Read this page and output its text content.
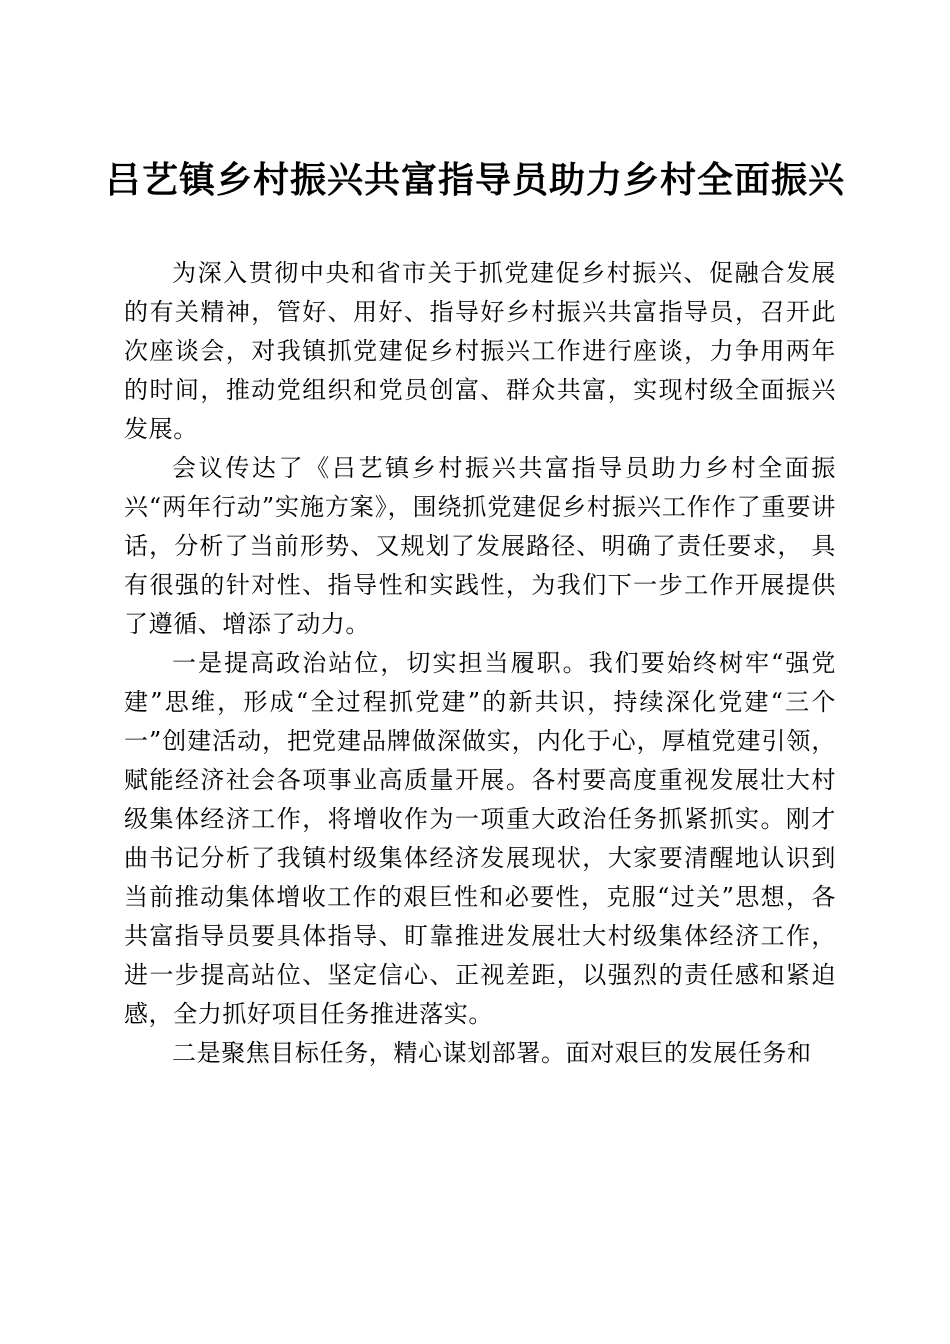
吕艺镇乡村振兴共富指导员助力乡村全面振兴

为深入贯彻中央和省市关于抓党建促乡村振兴、促融合发展的有关精神，管好、用好、指导好乡村振兴共富指导员，召开此次座谈会，对我镇抓党建促乡村振兴工作进行座谈，力争用两年的时间，推动党组织和党员创富、群众共富，实现村级全面振兴发展。

会议传达了《吕艺镇乡村振兴共富指导员助力乡村全面振兴“两年行动”实施方案》，围绕抓党建促乡村振兴工作作了重要讲话，分析了当前形势、又规划了发展路径、明确了责任要求， 具有很强的针对性、指导性和实践性，为我们下一步工作开展提供了遵循、增添了动力。

一是提高政治站位，切实担当履职。我们要始终树牢“强党建”思维，形成“全过程抓党建”的新共识，持续深化党建“三个一”创建活动，把党建品牌做深做实，内化于心，厚植党建引领，赋能经济社会各项事业高质量开展。各村要高度重视发展壮大村级集体经济工作，将增收作为一项重大政治任务抓紧抓实。刚才曲书记分析了我镇村级集体经济发展现状，大家要清醒地认识到当前推动集体增收工作的艰巨性和必要性，克服“过关”思想，各共富指导员要具体指导、盯靠推进发展壮大村级集体经济工作， 进一步提高站位、坚定信心、正视差距，以强烈的责任感和紧迫感，全力抓好项目任务推进落实。

二是聚焦目标任务，精心谋划部署。面对艰巨的发展任务和
